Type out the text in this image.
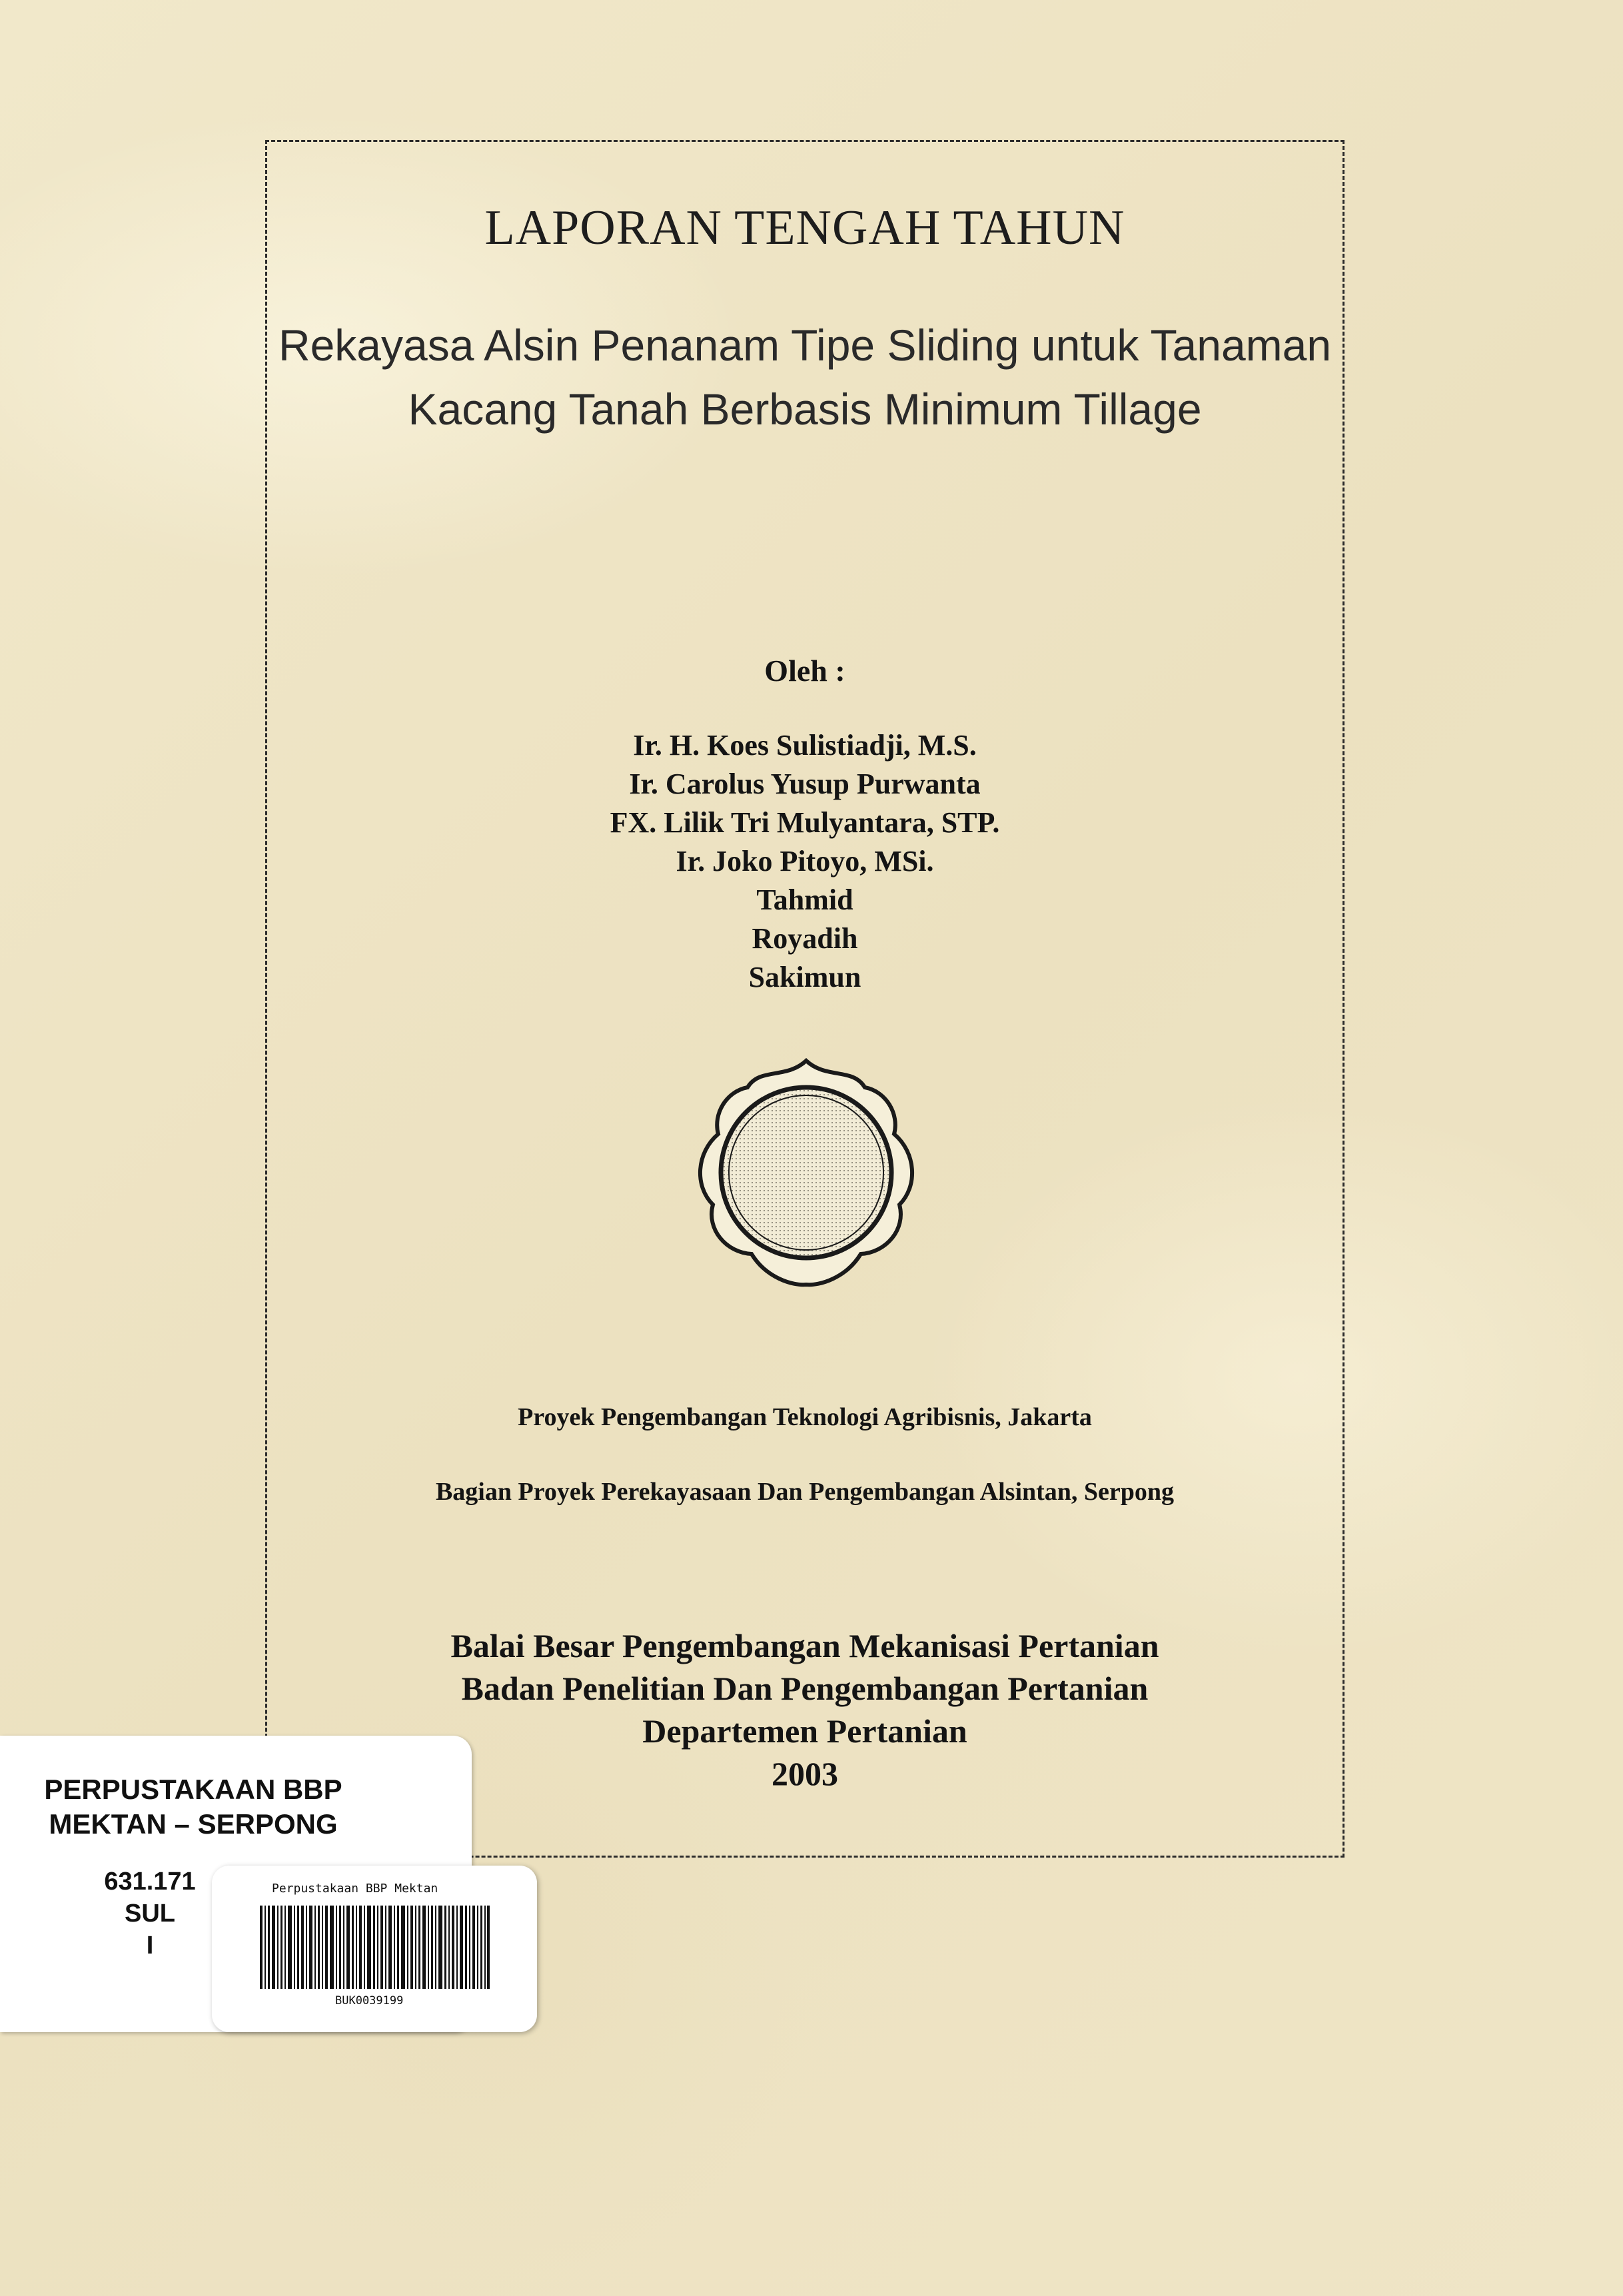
LAPORAN TENGAH TAHUN
Rekayasa Alsin Penanam Tipe Sliding untuk Tanaman
Kacang Tanah Berbasis Minimum Tillage
Oleh :
Ir. H. Koes Sulistiadji, M.S.
Ir. Carolus Yusup Purwanta
FX. Lilik Tri Mulyantara, STP.
Ir. Joko Pitoyo, MSi.
Tahmid
Royadih
Sakimun
Proyek Pengembangan Teknologi Agribisnis, Jakarta
Bagian Proyek Perekayasaan Dan Pengembangan Alsintan, Serpong
Balai Besar Pengembangan Mekanisasi Pertanian
Badan Penelitian Dan Pengembangan Pertanian
Departemen Pertanian
2003
PERPUSTAKAAN BBP
MEKTAN – SERPONG
631.171
SUL
I
Perpustakaan BBP Mektan
BUK0039199
